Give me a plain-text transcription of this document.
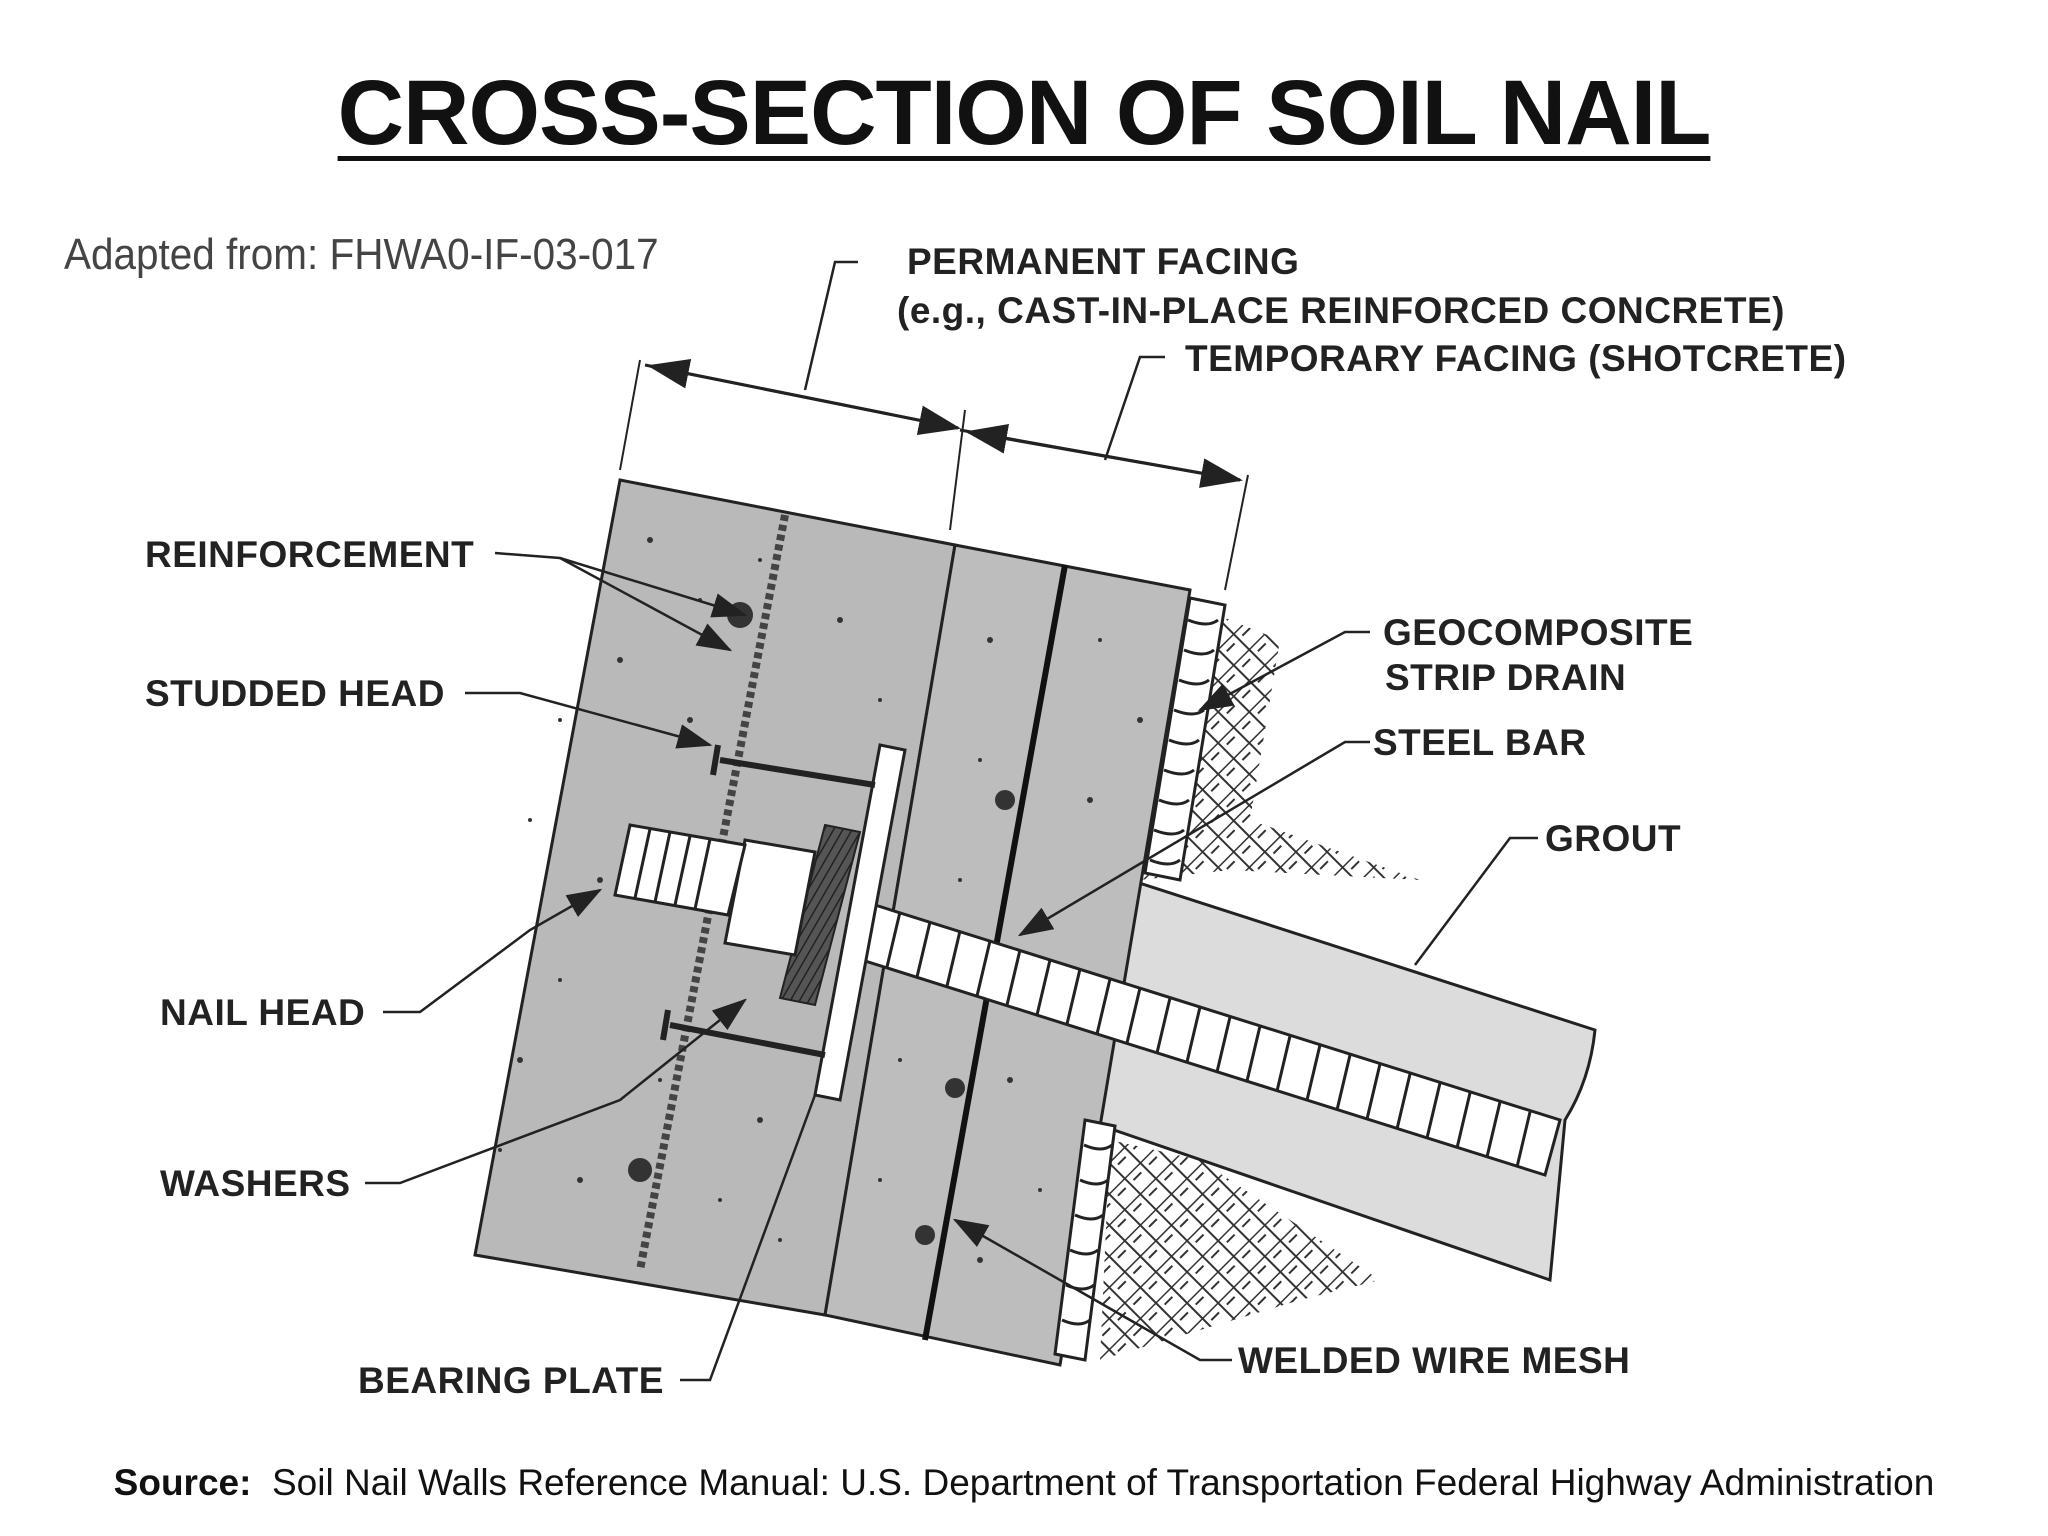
CROSS-SECTION OF SOIL NAIL
Adapted from: FHWA0-IF-03-017	PERMANENT FACING
(e.g., CAST-IN-PLACE REINFORCED CONCRETE)
TEMPORARY FACING (SHOTCRETE)
REINFORCEMENT
STUDDED HEAD
NAIL HEAD
WASHERS
BEARING PLATE
GEOCOMPOSITE
STRIP DRAIN
STEEL BAR
GROUT
WELDED WIRE MESH
Source: Soil Nail Walls Reference Manual: U.S. Department of Transportation Federal Highway Administration
